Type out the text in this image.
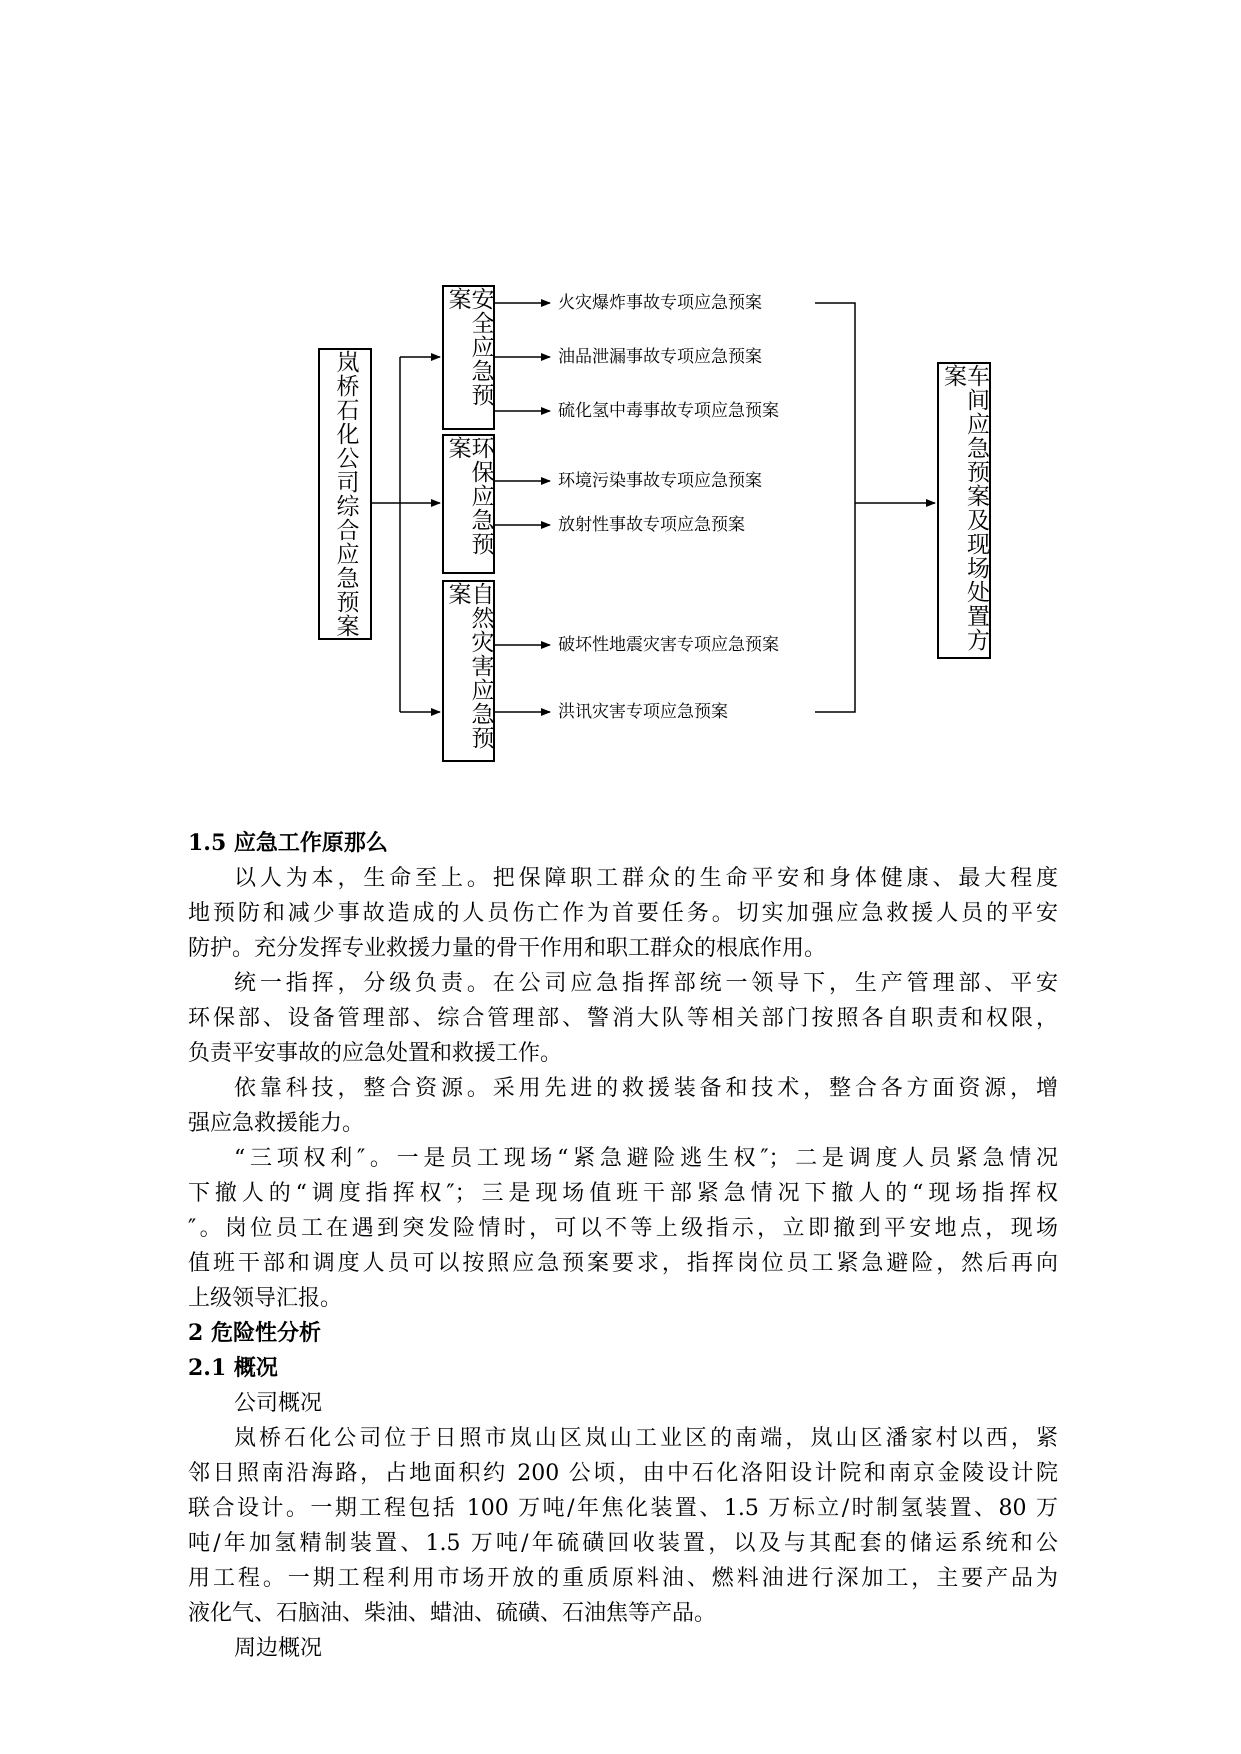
岚桥石化公司综合应急预案
安全应急预案
环保应急预案
自然灾害应急预案
火灾爆炸事故专项应急预案
油品泄漏事故专项应急预案
硫化氢中毒事故专项应急预案
环境污染事故专项应急预案
放射性事故专项应急预案
破坏性地震灾害专项应急预案
洪讯灾害专项应急预案
车间应急预案及现场处置方案
1.5 应急工作原那么
以人为本，生命至上。把保障职工群众的生命平安和身体健康、最大程度
地预防和减少事故造成的人员伤亡作为首要任务。切实加强应急救援人员的平安
防护。充分发挥专业救援力量的骨干作用和职工群众的根底作用。
统一指挥，分级负责。在公司应急指挥部统一领导下，生产管理部、平安
环保部、设备管理部、综合管理部、警消大队等相关部门按照各自职责和权限，
负责平安事故的应急处置和救援工作。
依靠科技，整合资源。采用先进的救援装备和技术，整合各方面资源，增
强应急救援能力。
“三项权利″。一是员工现场“紧急避险逃生权″；二是调度人员紧急情况
下撤人的“调度指挥权″；三是现场值班干部紧急情况下撤人的“现场指挥权
″。岗位员工在遇到突发险情时，可以不等上级指示，立即撤到平安地点，现场
值班干部和调度人员可以按照应急预案要求，指挥岗位员工紧急避险，然后再向
上级领导汇报。
2 危险性分析
2.1 概况
公司概况
岚桥石化公司位于日照市岚山区岚山工业区的南端，岚山区潘家村以西，紧
邻日照南沿海路，占地面积约 200 公顷，由中石化洛阳设计院和南京金陵设计院
联合设计。一期工程包括 100 万吨/年焦化装置、1.5 万标立/时制氢装置、80 万
吨/年加氢精制装置、1.5 万吨/年硫磺回收装置，以及与其配套的储运系统和公
用工程。一期工程利用市场开放的重质原料油、燃料油进行深加工，主要产品为
液化气、石脑油、柴油、蜡油、硫磺、石油焦等产品。
周边概况
